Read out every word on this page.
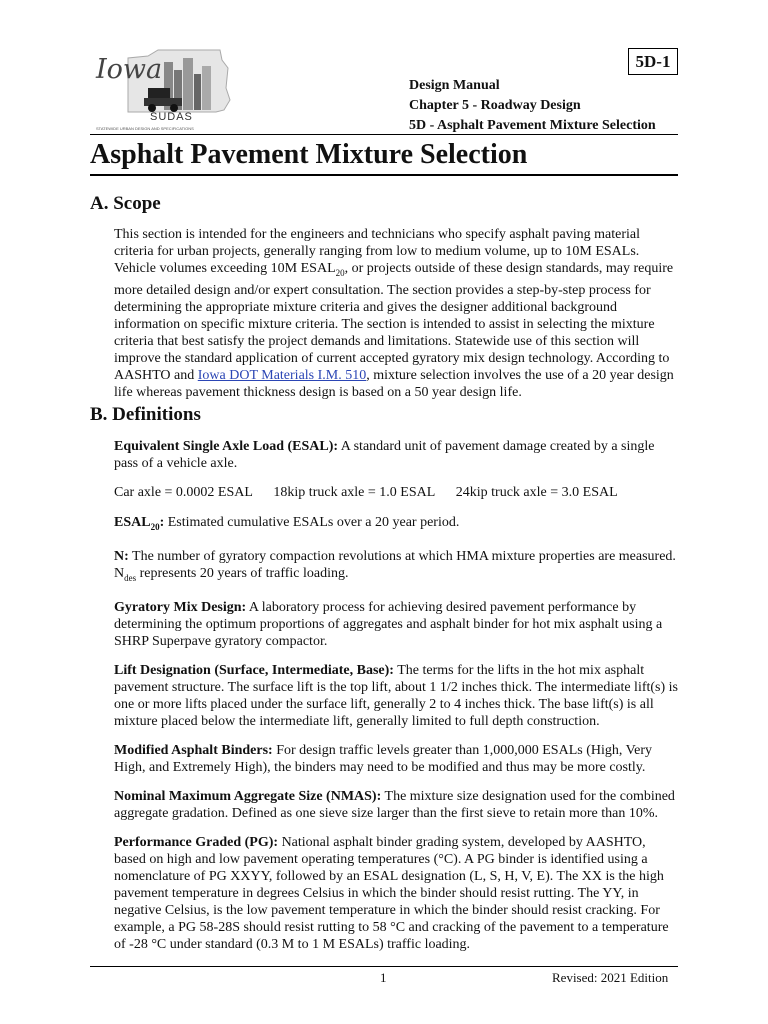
5D-1
Iowa
SUDAS
STATEWIDE URBAN DESIGN AND SPECIFICATIONS
Design Manual
Chapter 5 - Roadway Design
5D - Asphalt Pavement Mixture Selection
Asphalt Pavement Mixture Selection
A. Scope

This section is intended for the engineers and technicians who specify asphalt paving material criteria for urban projects, generally ranging from low to medium volume, up to 10M ESALs. Vehicle volumes exceeding 10M $ESAL_{20}$, or projects outside of these design standards, may require more detailed design and/or expert consultation. The section provides a step-by-step process for determining the appropriate mixture criteria and gives the designer additional background information on specific mixture criteria. The section is intended to assist in selecting the mixture criteria that best satisfy the project demands and limitations. Statewide use of this section will improve the standard application of current accepted gyratory mix design technology. According to AASHTO and Iowa DOT Materials I.M. 510, mixture selection involves the use of a 20 year design life whereas pavement thickness design is based on a 50 year design life.

B. Definitions

Equivalent Single Axle Load (ESAL): A standard unit of pavement damage created by a single pass of a vehicle axle.

Car axle = 0.0002 ESAL 18kip truck axle = 1.0 ESAL 24kip truck axle = 3.0 ESAL

$ESAL_{20}$: Estimated cumulative ESALs over a 20 year period.

N: The number of gyratory compaction revolutions at which HMA mixture properties are measured. $N_{des}$ represents 20 years of traffic loading.

Gyratory Mix Design: A laboratory process for achieving desired pavement performance by determining the optimum proportions of aggregates and asphalt binder for hot mix asphalt using a SHRP Superpave gyratory compactor.

Lift Designation (Surface, Intermediate, Base): The terms for the lifts in the hot mix asphalt pavement structure. The surface lift is the top lift, about 1 1/2 inches thick. The intermediate lift(s) is one or more lifts placed under the surface lift, generally 2 to 4 inches thick. The base lift(s) is all mixture placed below the intermediate lift, generally limited to full depth construction.

Modified Asphalt Binders: For design traffic levels greater than 1,000,000 ESALs (High, Very High, and Extremely High), the binders may need to be modified and thus may be more costly.

Nominal Maximum Aggregate Size (NMAS): The mixture size designation used for the combined aggregate gradation. Defined as one sieve size larger than the first sieve to retain more than 10%.

Performance Graded (PG): National asphalt binder grading system, developed by AASHTO, based on high and low pavement operating temperatures (°C). A PG binder is identified using a nomenclature of PG XXYY, followed by an ESAL designation (L, S, H, V, E). The XX is the high pavement temperature in degrees Celsius in which the binder should resist rutting. The YY, in negative Celsius, is the low pavement temperature in which the binder should resist cracking. For example, a PG 58-28S should resist rutting to 58 °C and cracking of the pavement to a temperature of -28 °C under standard (0.3 M to 1 M ESALs) traffic loading.

1	Revised: 2021 Edition
